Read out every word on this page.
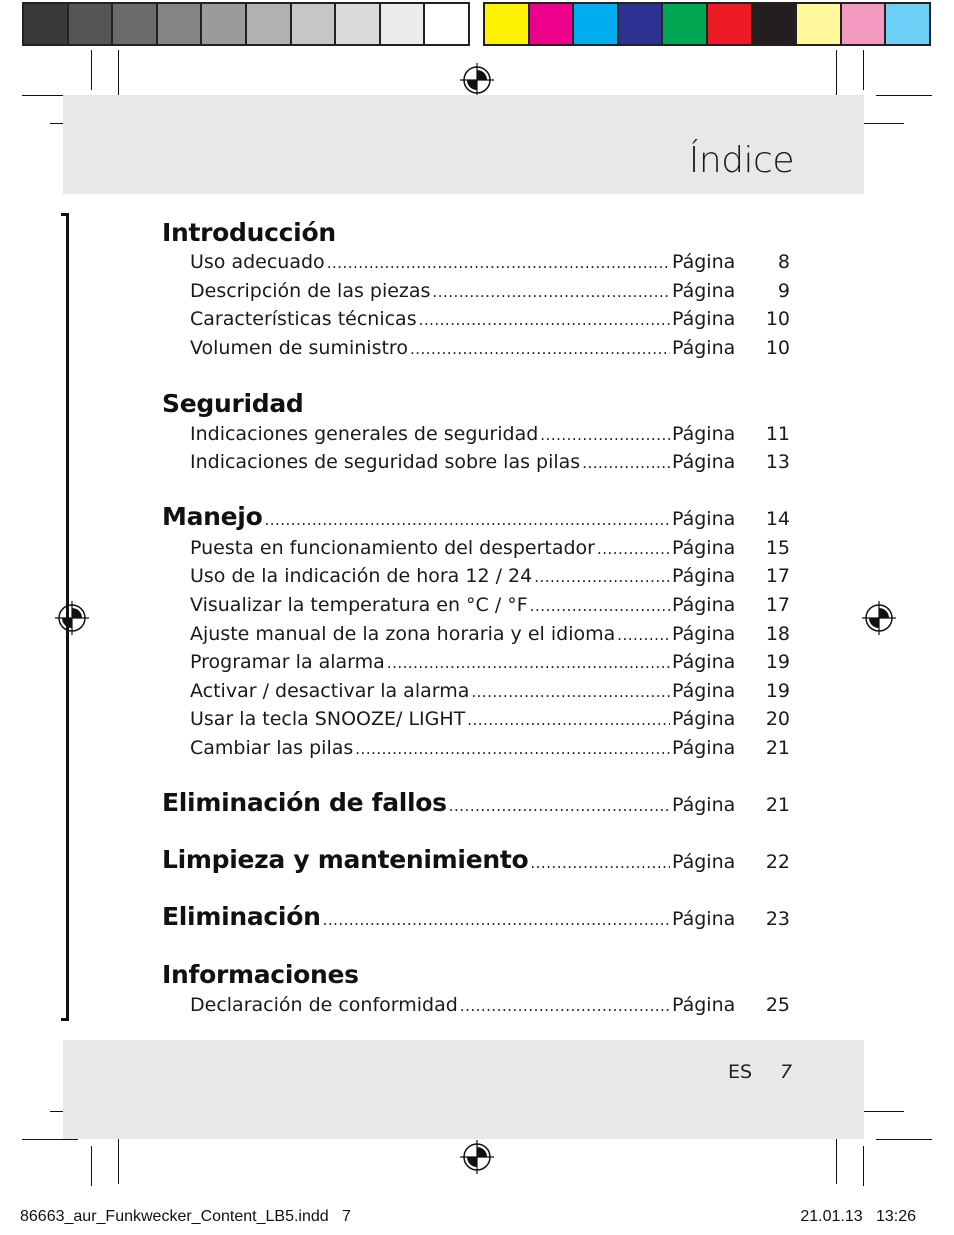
Índice
Introducción
Uso adecuado .....	Página	8
Descripción de las piezas .....	Página	9
Características técnicas .....	Página	10
Volumen de suministro .....	Página	10
Seguridad
Indicaciones generales de seguridad .....	Página	11
Indicaciones de seguridad sobre las pilas .....	Página	13
Manejo .....	Página	14
Puesta en funcionamiento del despertador .....	Página	15
Uso de la indicación de hora 12 / 24 .....	Página	17
Visualizar la temperatura en °C / °F .....	Página	17
Ajuste manual de la zona horaria y el idioma .....	Página	18
Programar la alarma .....	Página	19
Activar / desactivar la alarma .....	Página	19
Usar la tecla SNOOZE/ LIGHT .....	Página	20
Cambiar las pilas .....	Página	21
Eliminación de fallos .....	Página	21
Limpieza y mantenimiento .....	Página	22
Eliminación .....	Página	23
Informaciones
Declaración de conformidad .....	Página	25
ES 7
86663_aur_Funkwecker_Content_LB5.indd   7	21.01.13   13:26
